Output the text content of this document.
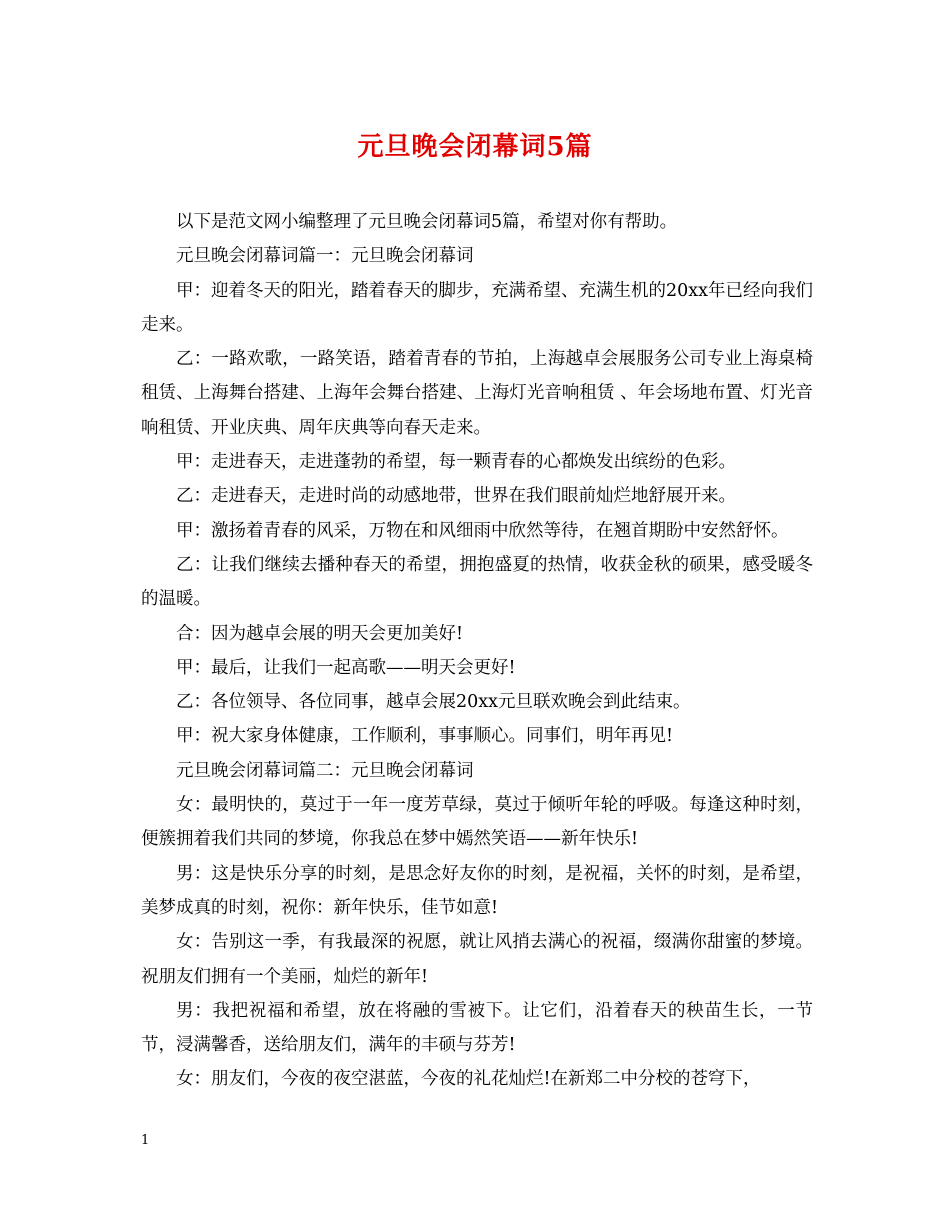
元旦晚会闭幕词5篇

以下是范文网小编整理了元旦晚会闭幕词5篇，希望对你有帮助。

元旦晚会闭幕词篇一：元旦晚会闭幕词

甲：迎着冬天的阳光，踏着春天的脚步，充满希望、充满生机的20xx年已经向我们走来。

乙：一路欢歌，一路笑语，踏着青春的节拍，上海越卓会展服务公司专业上海桌椅租赁、上海舞台搭建、上海年会舞台搭建、上海灯光音响租赁 、年会场地布置、灯光音响租赁、开业庆典、周年庆典等向春天走来。

甲：走进春天，走进蓬勃的希望，每一颗青春的心都焕发出缤纷的色彩。

乙：走进春天，走进时尚的动感地带，世界在我们眼前灿烂地舒展开来。

甲：激扬着青春的风采，万物在和风细雨中欣然等待，在翘首期盼中安然舒怀。

乙：让我们继续去播种春天的希望，拥抱盛夏的热情，收获金秋的硕果，感受暖冬的温暖。

合：因为越卓会展的明天会更加美好!

甲：最后，让我们一起高歌——明天会更好!

乙：各位领导、各位同事，越卓会展20xx元旦联欢晚会到此结束。

甲：祝大家身体健康，工作顺利，事事顺心。同事们，明年再见!

元旦晚会闭幕词篇二：元旦晚会闭幕词

女：最明快的，莫过于一年一度芳草绿，莫过于倾听年轮的呼吸。每逢这种时刻，便簇拥着我们共同的梦境，你我总在梦中嫣然笑语——新年快乐!

男：这是快乐分享的时刻，是思念好友你的时刻，是祝福，关怀的时刻，是希望，美梦成真的时刻，祝你：新年快乐，佳节如意!

女：告别这一季，有我最深的祝愿，就让风捎去满心的祝福，缀满你甜蜜的梦境。祝朋友们拥有一个美丽，灿烂的新年!

男：我把祝福和希望，放在将融的雪被下。让它们，沿着春天的秧苗生长，一节节，浸满馨香，送给朋友们，满年的丰硕与芬芳!

女：朋友们，今夜的夜空湛蓝，今夜的礼花灿烂!在新郑二中分校的苍穹下，

1
